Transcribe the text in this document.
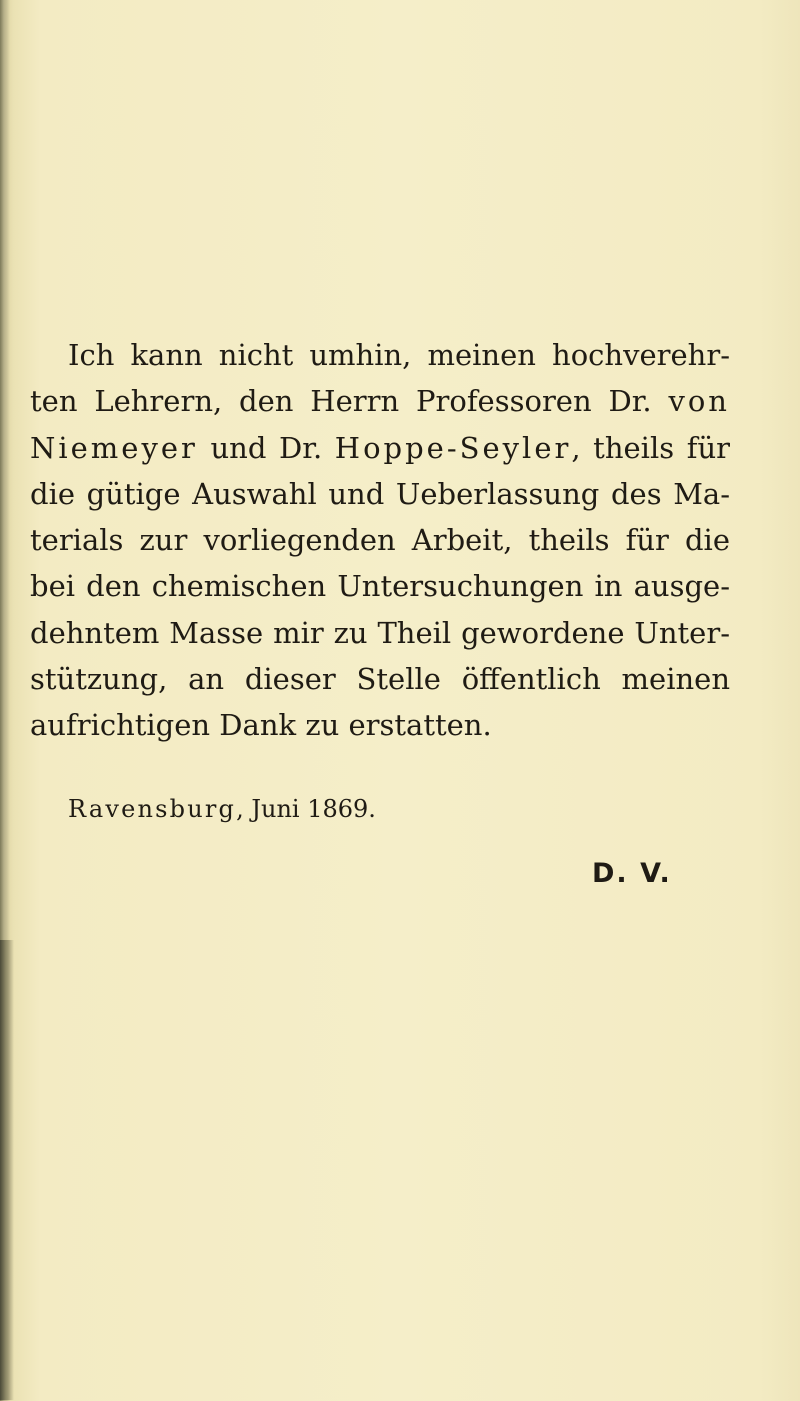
Ich kann nicht umhin, meinen hochverehr-
ten Lehrern, den Herrn Professoren Dr. von
Niemeyer und Dr. Hoppe-Seyler, theils für
die gütige Auswahl und Ueberlassung des Ma-
terials zur vorliegenden Arbeit, theils für die
bei den chemischen Untersuchungen in ausge-
dehntem Masse mir zu Theil gewordene Unter-
stützung, an dieser Stelle öffentlich meinen
aufrichtigen Dank zu erstatten.

Ravensburg, Juni 1869.
D. V.
